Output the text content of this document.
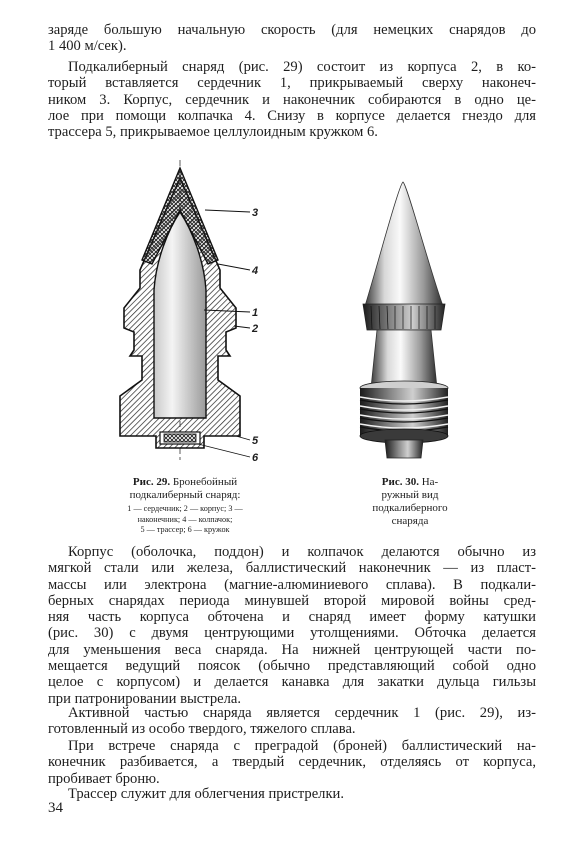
заряде большую начальную скорость (для немецких снарядов до
1 400 м/сек).
Подкалиберный снаряд (рис. 29) состоит из корпуса 2, в ко-
торый вставляется сердечник 1, прикрываемый сверху наконеч-
ником 3. Корпус, сердечник и наконечник собираются в одно це-
лое при помощи колпачка 4. Снизу в корпусе делается гнездо для
трассера 5, прикрываемое целлулоидным кружком 6.
3
4
1
2
5
6
Рис. 29. Бронебойный
подкалиберный снаряд:
1 — сердечник; 2 — корпус; 3 —
наконечник; 4 — колпачок;
5 — трассер; 6 — кружок
Рис. 30. На-
ружный вид
подкалиберного
снаряда
Корпус (оболочка, поддон) и колпачок делаются обычно из
мягкой стали или железа, баллистический наконечник — из пласт-
массы или электрона (магние-алюминиевого сплава). В подкали-
берных снарядах периода минувшей второй мировой войны сред-
няя часть корпуса обточена и снаряд имеет форму катушки
(рис. 30) с двумя центрующими утолщениями. Обточка делается
для уменьшения веса снаряда. На нижней центрующей части по-
мещается ведущий поясок (обычно представляющий собой одно
целое с корпусом) и делается канавка для закатки дульца гильзы
при патронировании выстрела.
Активной частью снаряда является сердечник 1 (рис. 29), из-
готовленный из особо твердого, тяжелого сплава.
При встрече снаряда с преградой (броней) баллистический на-
конечник разбивается, а твердый сердечник, отделяясь от корпуса,
пробивает броню.
Трассер служит для облегчения пристрелки.
34
